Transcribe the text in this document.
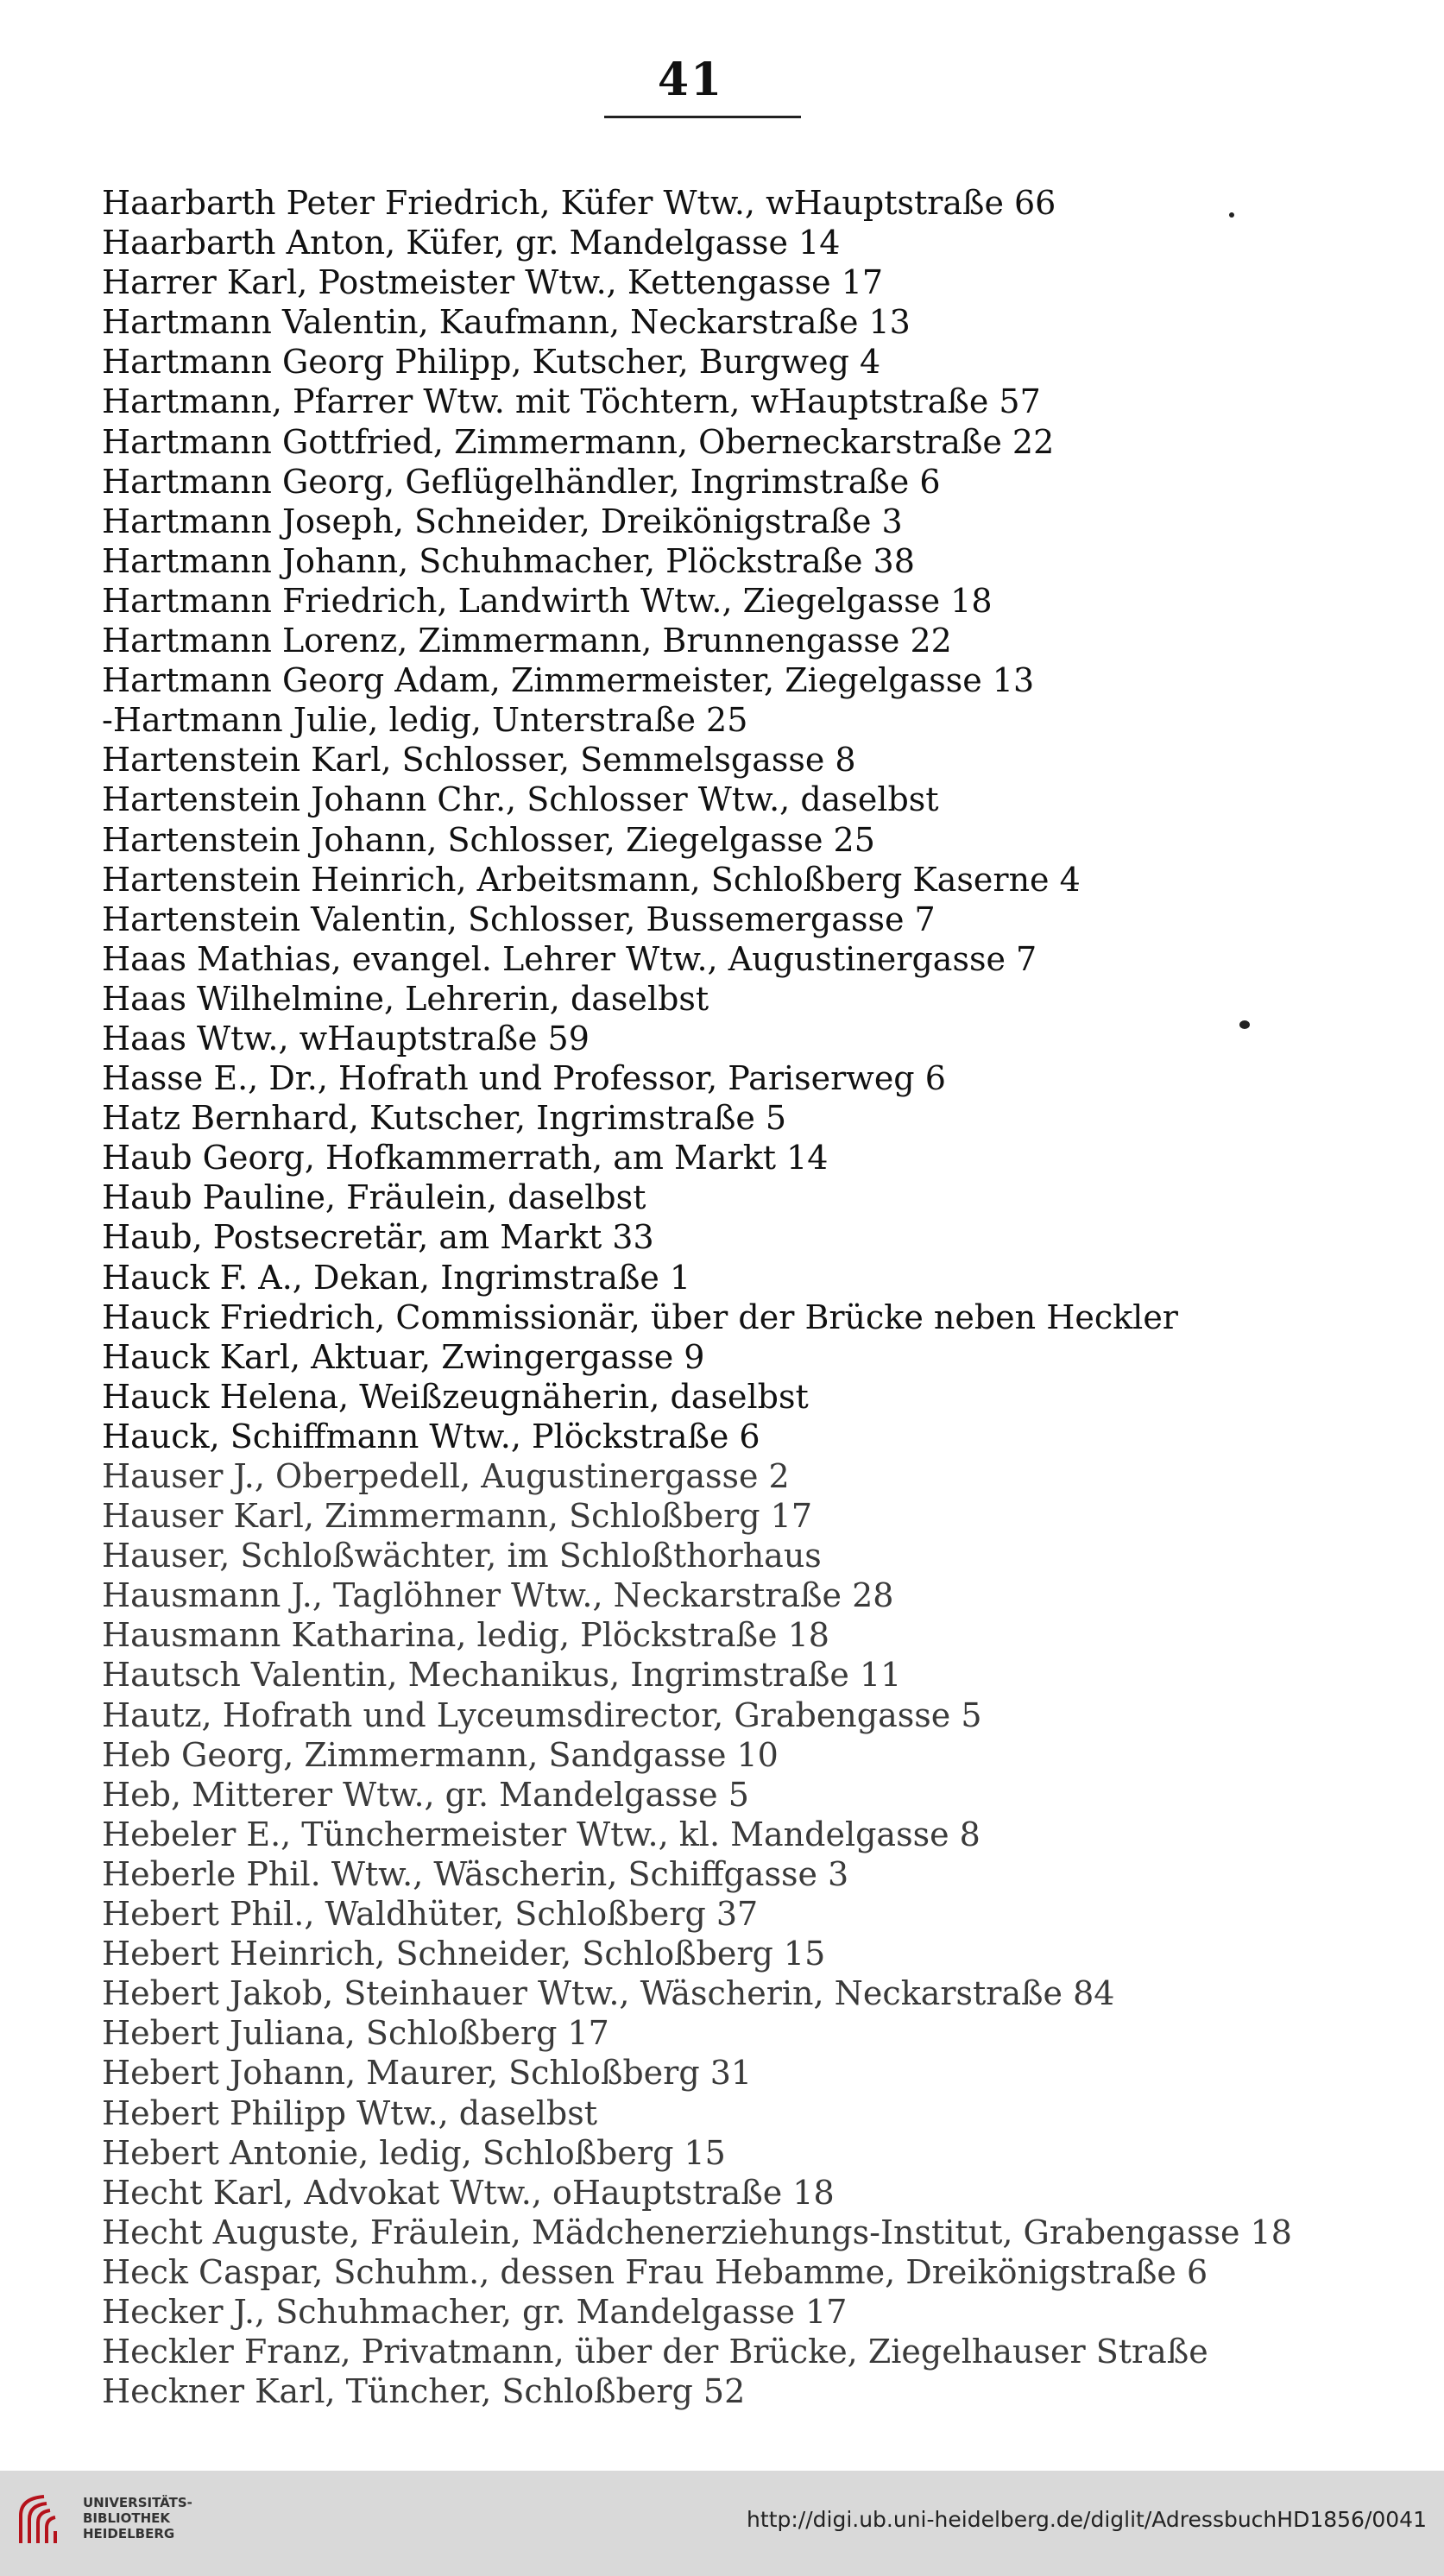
41
Haarbarth Peter Friedrich, Küfer Wtw., wHauptstraße 66
Haarbarth Anton, Küfer, gr. Mandelgasse 14
Harrer Karl, Postmeister Wtw., Kettengasse 17
Hartmann Valentin, Kaufmann, Neckarstraße 13
Hartmann Georg Philipp, Kutscher, Burgweg 4
Hartmann, Pfarrer Wtw. mit Töchtern, wHauptstraße 57
Hartmann Gottfried, Zimmermann, Oberneckarstraße 22
Hartmann Georg, Geflügelhändler, Ingrimstraße 6
Hartmann Joseph, Schneider, Dreikönigstraße 3
Hartmann Johann, Schuhmacher, Plöckstraße 38
Hartmann Friedrich, Landwirth Wtw., Ziegelgasse 18
Hartmann Lorenz, Zimmermann, Brunnengasse 22
Hartmann Georg Adam, Zimmermeister, Ziegelgasse 13
-Hartmann Julie, ledig, Unterstraße 25
Hartenstein Karl, Schlosser, Semmelsgasse 8
Hartenstein Johann Chr., Schlosser Wtw., daselbst
Hartenstein Johann, Schlosser, Ziegelgasse 25
Hartenstein Heinrich, Arbeitsmann, Schloßberg Kaserne 4
Hartenstein Valentin, Schlosser, Bussemergasse 7
Haas Mathias, evangel. Lehrer Wtw., Augustinergasse 7
Haas Wilhelmine, Lehrerin, daselbst
Haas Wtw., wHauptstraße 59
Hasse E., Dr., Hofrath und Professor, Pariserweg 6
Hatz Bernhard, Kutscher, Ingrimstraße 5
Haub Georg, Hofkammerrath, am Markt 14
Haub Pauline, Fräulein, daselbst
Haub, Postsecretär, am Markt 33
Hauck F. A., Dekan, Ingrimstraße 1
Hauck Friedrich, Commissionär, über der Brücke neben Heckler
Hauck Karl, Aktuar, Zwingergasse 9
Hauck Helena, Weißzeugnäherin, daselbst
Hauck, Schiffmann Wtw., Plöckstraße 6
Hauser J., Oberpedell, Augustinergasse 2
Hauser Karl, Zimmermann, Schloßberg 17
Hauser, Schloßwächter, im Schloßthorhaus
Hausmann J., Taglöhner Wtw., Neckarstraße 28
Hausmann Katharina, ledig, Plöckstraße 18
Hautsch Valentin, Mechanikus, Ingrimstraße 11
Hautz, Hofrath und Lyceumsdirector, Grabengasse 5
Heb Georg, Zimmermann, Sandgasse 10
Heb, Mitterer Wtw., gr. Mandelgasse 5
Hebeler E., Tünchermeister Wtw., kl. Mandelgasse 8
Heberle Phil. Wtw., Wäscherin, Schiffgasse 3
Hebert Phil., Waldhüter, Schloßberg 37
Hebert Heinrich, Schneider, Schloßberg 15
Hebert Jakob, Steinhauer Wtw., Wäscherin, Neckarstraße 84
Hebert Juliana, Schloßberg 17
Hebert Johann, Maurer, Schloßberg 31
Hebert Philipp Wtw., daselbst
Hebert Antonie, ledig, Schloßberg 15
Hecht Karl, Advokat Wtw., oHauptstraße 18
Hecht Auguste, Fräulein, Mädchenerziehungs-Institut, Grabengasse 18
Heck Caspar, Schuhm., dessen Frau Hebamme, Dreikönigstraße 6
Hecker J., Schuhmacher, gr. Mandelgasse 17
Heckler Franz, Privatmann, über der Brücke, Ziegelhauser Straße
Heckner Karl, Tüncher, Schloßberg 52
UNIVERSITÄTS-
BIBLIOTHEK
HEIDELBERG
http://digi.ub.uni-heidelberg.de/diglit/AdressbuchHD1856/0041
